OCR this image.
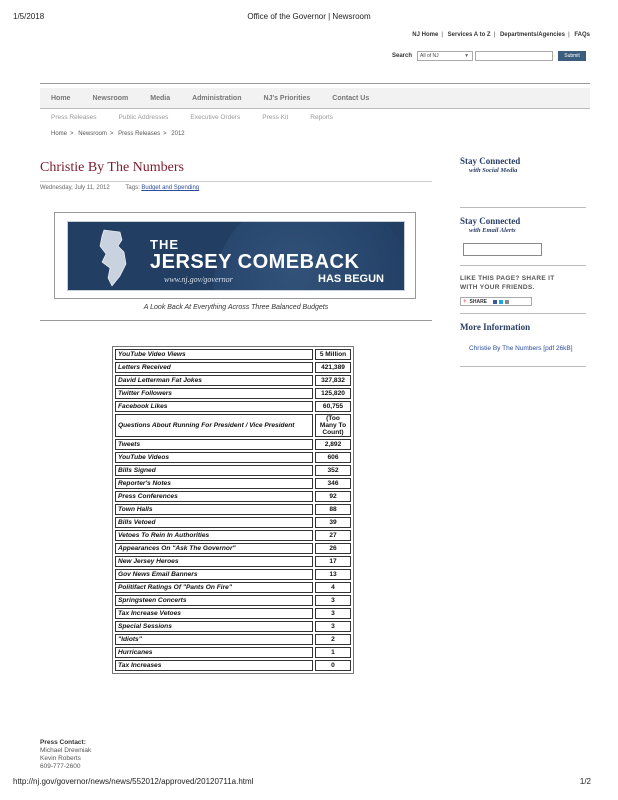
1/5/2018	Office of the Governor | Newsroom
NJ Home | Services A to Z | Departments/Agencies | FAQs
Search	All of NJ	▼	Submit
Home	Newsroom	Media	Administration	NJ's Priorities	Contact Us
Press Releases	Public Addresses	Executive Orders	Press Kit	Reports
Home > Newsroom > Press Releases > 2012
Christie By The Numbers
Wednesday, July 11, 2012	Tags: Budget and Spending
THE
JERSEY COMEBACK
www.nj.gov/governor	HAS BEGUN
A Look Back At Everything Across Three Balanced Budgets
YouTube Video Views	5 Million
Letters Received	421,389
David Letterman Fat Jokes	327,832
Twitter Followers	125,820
Facebook Likes	60,755
Questions About Running For President / Vice President	(Too Many To Count)
Tweets	2,892
YouTube Videos	606
Bills Signed	352
Reporter's Notes	346
Press Conferences	92
Town Halls	88
Bills Vetoed	39
Vetoes To Rein In Authorities	27
Appearances On "Ask The Governor"	26
New Jersey Heroes	17
Gov News Email Banners	13
Politifact Ratings Of "Pants On Fire"	4
Springsteen Concerts	3
Tax Increase Vetoes	3
Special Sessions	3
"Idiots"	2
Hurricanes	1
Tax Increases	0
Stay Connected
with Social Media
Stay Connected
with Email Alerts
LIKE THIS PAGE? SHARE IT
WITH YOUR FRIENDS.
+ SHARE
More Information
Christie By The Numbers [pdf 26kB]
Press Contact:
Michael Drewniak
Kevin Roberts
609-777-2600
http://nj.gov/governor/news/news/552012/approved/20120711a.html	1/2
